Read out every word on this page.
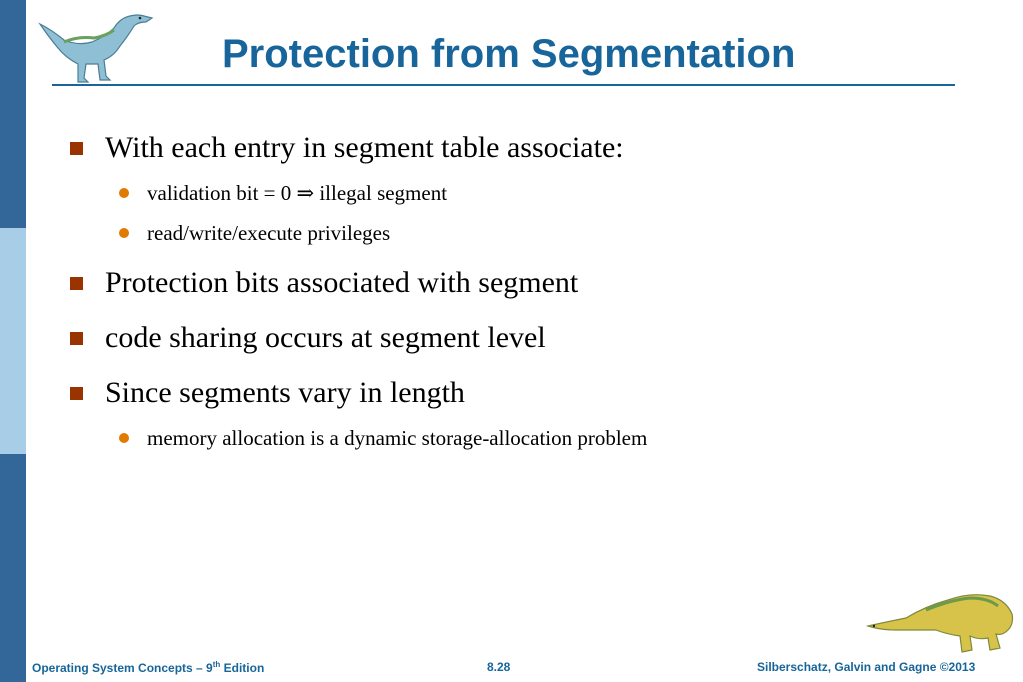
Protection from Segmentation
With each entry in segment table associate:
validation bit = 0 ⇒ illegal segment
read/write/execute privileges
Protection bits associated with segment
code sharing occurs at segment level
Since segments vary in length
memory allocation is a dynamic storage-allocation problem
Operating System Concepts – 9th Edition	8.28	Silberschatz, Galvin and Gagne ©2013
